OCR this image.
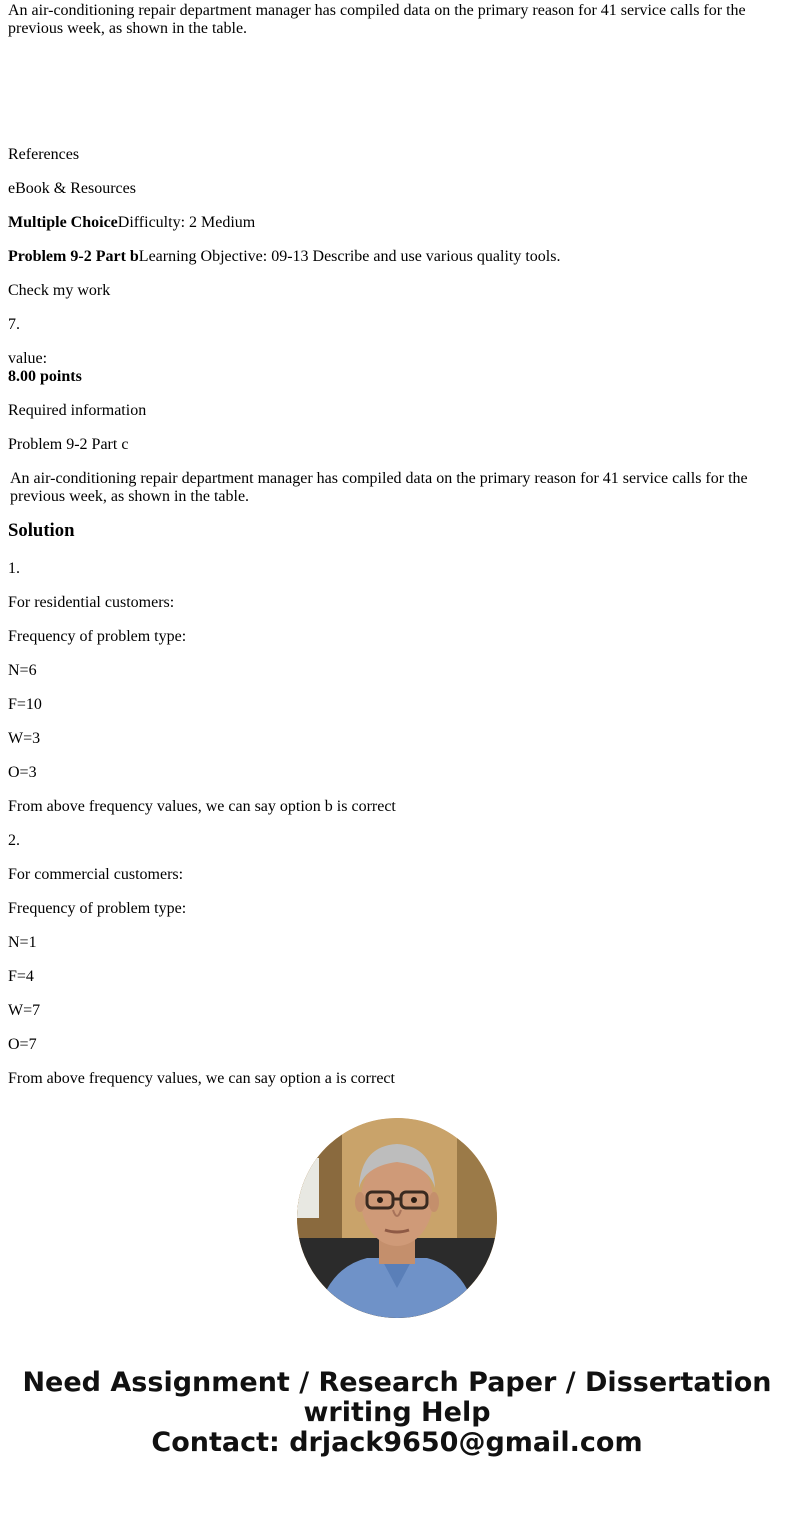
An air-conditioning repair department manager has compiled data on the primary reason for 41 service calls for the previous week, as shown in the table.

References

eBook & Resources

Multiple ChoiceDifficulty: 2 Medium

Problem 9-2 Part bLearning Objective: 09-13 Describe and use various quality tools.

Check my work

7.

value:
8.00 points

Required information

Problem 9-2 Part c

An air-conditioning repair department manager has compiled data on the primary reason for 41 service calls for the previous week, as shown in the table.

Solution

1.

For residential customers:

Frequency of problem type:

N=6

F=10

W=3

O=3

From above frequency values, we can say option b is correct

2.

For commercial customers:

Frequency of problem type:

N=1

F=4

W=7

O=7

From above frequency values, we can say option a is correct

Need Assignment / Research Paper / Dissertation
writing Help
Contact: drjack9650@gmail.com
